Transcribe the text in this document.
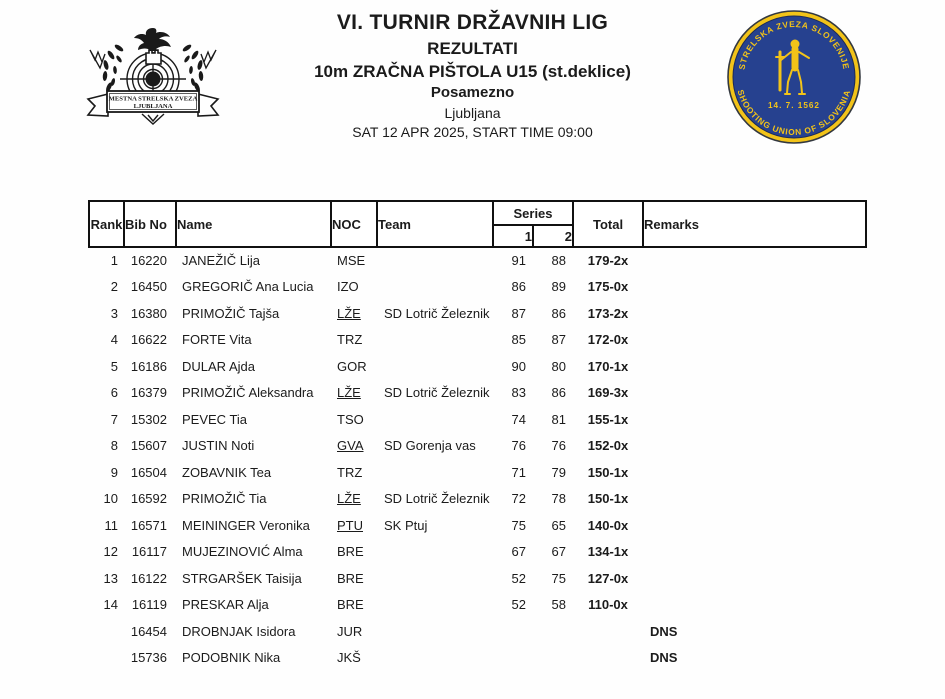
MESTNA STRELSKA ZVEZA
LJUBLJANA
STRELSKA ZVEZA SLOVENIJE
SHOOTING UNION OF SLOVENIA
14. 7. 1562
VI. TURNIR DRŽAVNIH LIG
REZULTATI
10m ZRAČNA PIŠTOLA U15 (st.deklice)
Posamezno
Ljubljana
SAT 12 APR 2025, START TIME 09:00
Rank	Bib No	Name	NOC	Team	Series		Total	Remarks
					1	2		
1	16220	JANEŽIČ Lija	MSE		91	88	179-2x	
2	16450	GREGORIČ Ana Lucia	IZO		86	89	175-0x	
3	16380	PRIMOŽIČ Tajša	LŽE	SD Lotrič Železnik	87	86	173-2x	
4	16622	FORTE Vita	TRZ		85	87	172-0x	
5	16186	DULAR Ajda	GOR		90	80	170-1x	
6	16379	PRIMOŽIČ Aleksandra	LŽE	SD Lotrič Železnik	83	86	169-3x	
7	15302	PEVEC Tia	TSO		74	81	155-1x	
8	15607	JUSTIN Noti	GVA	SD Gorenja vas	76	76	152-0x	
9	16504	ZOBAVNIK Tea	TRZ		71	79	150-1x	
10	16592	PRIMOŽIČ Tia	LŽE	SD Lotrič Železnik	72	78	150-1x	
11	16571	MEININGER Veronika	PTU	SK Ptuj	75	65	140-0x	
12	16117	MUJEZINOVIĆ Alma	BRE		67	67	134-1x	
13	16122	STRGARŠEK Taisija	BRE		52	75	127-0x	
14	16119	PRESKAR Alja	BRE		52	58	110-0x	
	16454	DROBNJAK Isidora	JUR					DNS
	15736	PODOBNIK Nika	JKŠ					DNS
